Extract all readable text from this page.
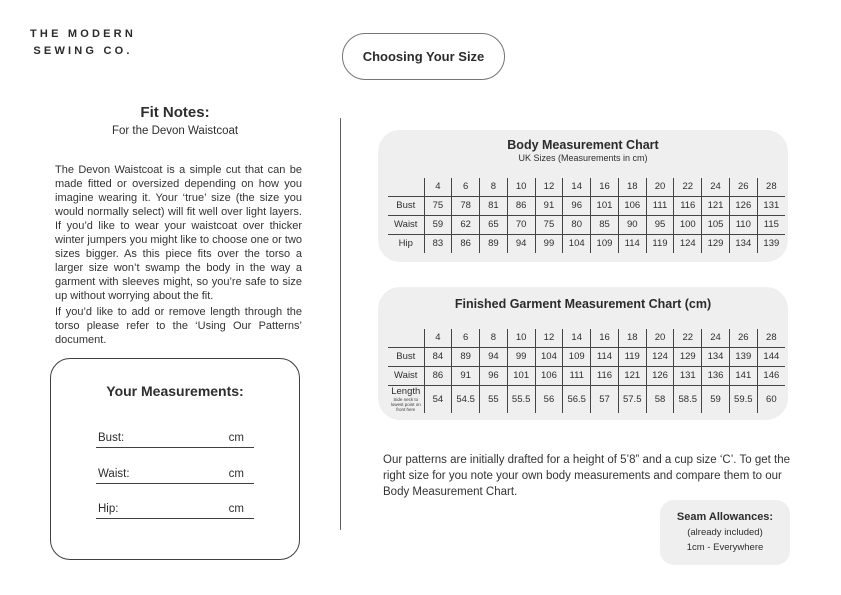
THE MODERN
SEWING CO.	Choosing Your Size
Fit Notes:
For the Devon Waistcoat

The Devon Waistcoat is a simple cut that can be made fitted or oversized depending on how you imagine wearing it. Your ‘true’ size (the size you would normally select) will fit well over light layers. If you’d like to wear your waistcoat over thicker winter jumpers you might like to choose one or two sizes bigger. As this piece fits over the torso a larger size won’t swamp the body in the way a garment with sleeves might, so you’re safe to size up without worrying about the fit.

If you’d like to add or remove length through the torso please refer to the ‘Using Our Patterns’ document.

Your Measurements:
Bust:	cm
Waist:	cm
Hip:	cm
Body Measurement Chart
UK Sizes (Measurements in cm)
	4	6	8	10	12	14	16	18	20	22	24	26	28

Bust	75	78	81	86	91	96	101	106	111	116	121	126	131

Waist	59	62	65	70	75	80	85	90	95	100	105	110	115

Hip	83	86	89	94	99	104	109	114	119	124	129	134	139
Finished Garment Measurement Chart (cm)
	4	6	8	10	12	14	16	18	20	22	24	26	28

Bust	84	89	94	99	104	109	114	119	124	129	134	139	144

Waist	86	91	96	101	106	111	116	121	126	131	136	141	146

Length
Side neck to lowest point on front hem	54	54.5	55	55.5	56	56.5	57	57.5	58	58.5	59	59.5	60

Our patterns are initially drafted for a height of 5’8” and a cup size ‘C’. To get the right size for you note your own body measurements and compare them to our Body Measurement Chart.

Seam Allowances:
(already included)
1cm - Everywhere
